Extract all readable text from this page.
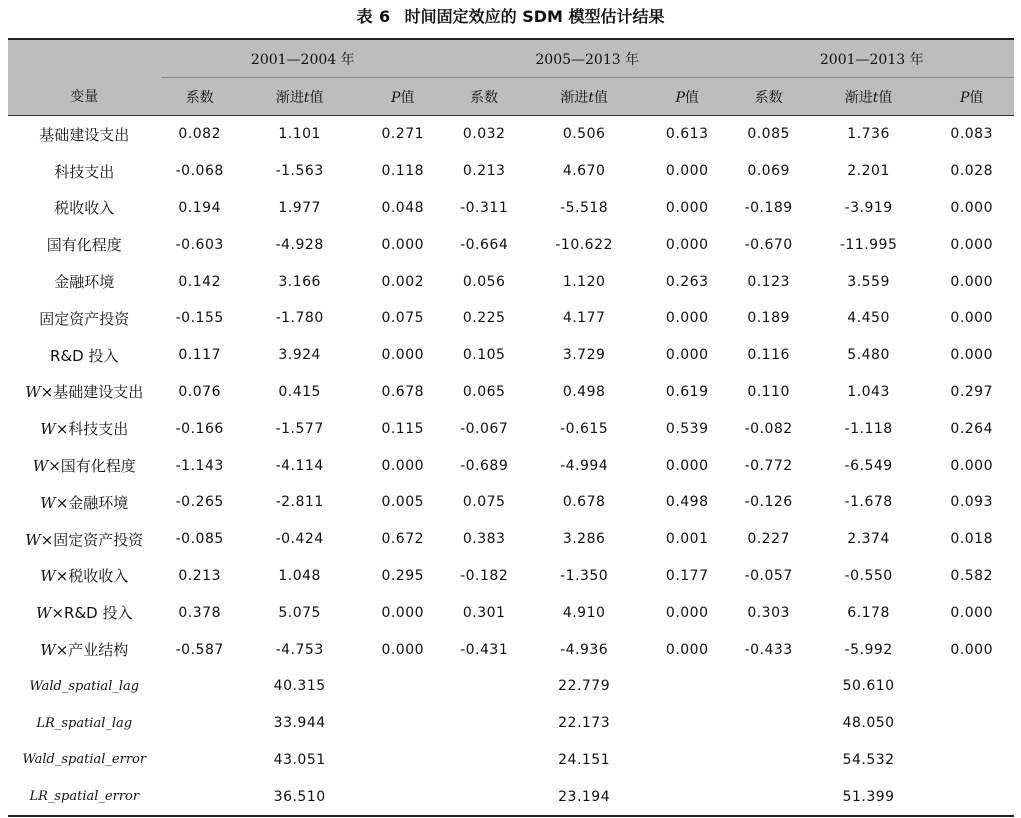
表 6 时间固定效应的 SDM 模型估计结果
	2001—2004 年			2005—2013 年			2001—2013 年		
变量	系数	渐进t值	P值	系数	渐进t值	P值	系数	渐进t值	P值
基础建设支出	0.082	1.101	0.271	0.032	0.506	0.613	0.085	1.736	0.083
科技支出	-0.068	-1.563	0.118	0.213	4.670	0.000	0.069	2.201	0.028
税收收入	0.194	1.977	0.048	-0.311	-5.518	0.000	-0.189	-3.919	0.000
国有化程度	-0.603	-4.928	0.000	-0.664	-10.622	0.000	-0.670	-11.995	0.000
金融环境	0.142	3.166	0.002	0.056	1.120	0.263	0.123	3.559	0.000
固定资产投资	-0.155	-1.780	0.075	0.225	4.177	0.000	0.189	4.450	0.000
R&D 投入	0.117	3.924	0.000	0.105	3.729	0.000	0.116	5.480	0.000
W×基础建设支出	0.076	0.415	0.678	0.065	0.498	0.619	0.110	1.043	0.297
W×科技支出	-0.166	-1.577	0.115	-0.067	-0.615	0.539	-0.082	-1.118	0.264
W×国有化程度	-1.143	-4.114	0.000	-0.689	-4.994	0.000	-0.772	-6.549	0.000
W×金融环境	-0.265	-2.811	0.005	0.075	0.678	0.498	-0.126	-1.678	0.093
W×固定资产投资	-0.085	-0.424	0.672	0.383	3.286	0.001	0.227	2.374	0.018
W×税收收入	0.213	1.048	0.295	-0.182	-1.350	0.177	-0.057	-0.550	0.582
W×R&D 投入	0.378	5.075	0.000	0.301	4.910	0.000	0.303	6.178	0.000
W×产业结构	-0.587	-4.753	0.000	-0.431	-4.936	0.000	-0.433	-5.992	0.000
Wald_spatial_lag		40.315			22.779			50.610	
LR_spatial_lag		33.944			22.173			48.050	
Wald_spatial_error		43.051			24.151			54.532	
LR_spatial_error		36.510			23.194			51.399	
